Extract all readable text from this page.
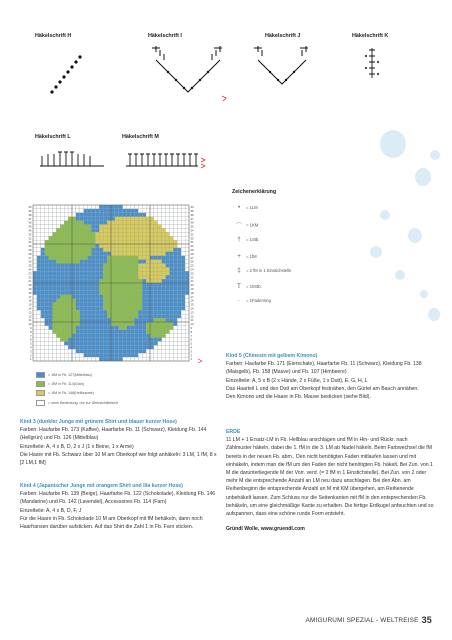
Häkelschrift H	Häkelschrift I	Häkelschrift J	Häkelschrift K
Häkelschrift L	Häkelschrift M
Zeichenerklärung
• = 1LM
⌒ = 1KM
† = 1Stb.
+ = 1fM
‡ = 2 fM in 1 Einstichstelle
T = 1hStb.
· = 1Fadenring
40	40
39	39
38	38
37	37
36	36
35	35
34	34
33	33
32	32
31	31
30	30
29	29
28	28
27	27
26	26
25	25
24	24
23	23
22	22
21	21
20	20
19	19
18	18
17	17
16	16
15	15
14	14
13	13
12	12
11	11
10	10
9	9
8	8
7	7
6	6
5	5
4	4
3	3
2	2
1	1
= 1fM in Fb. 127(Mittelblau)
= 1fM in Fb. 114(Grün)
= 1fM in Fb. 146(Hellbraune)
= ohne Bedeutung, nur zur Übersichtlichkeit

Kind 3 (dunkler Junge mit grünem Shirt und blauer kurzer Hose)

Farben: Haufarbe Fb. 173 (Kaffee), Haarfarbe Fb. 11 (Schwarz), Kleidung Fb. 144 (Hellgrün) und Fb. 126 (Mittelblau)

Einzelteile: A, 4 x B, D, 2 x J (1 x Beine, 1 x Arme)

Die Haare mit Fb. Schwarz über 10 M am Oberkopf wie folgt anhäkeln: 3 LM, 1 fM, 8 x [2 LM,1 fM]

Kind 4 (Japanischer Junge mit orangem Shirt und lila kurzer Hose)

Farben: Haufarbe Fb. 139 (Beige), Haarfarbe Fb. 122 (Schokolade), Kleidung Fb. 146 (Mandarine) und Fb. 142 (Lavendel), Accessoires Fb. 114 (Farn)

Einzelteile: A, 4 x B, D, F, J

Für die Haare in Fb. Schokolade 10 M am Oberkopf mit fM behäkeln, dann noch Haarfransen darüber aufsticken. Auf das Shirt die Zahl 1 in Fb. Farn sticken.

Kind 5 (Chinesin mit gelbem Kimono)

Farben: Haufarbe Fb. 171 (Eierschale), Haarfarbe Fb. 11 (Schwarz), Kleidung Fb. 138 (Maisgelb), Fb. 158 (Mauve) und Fb. 107 (Himbeere)

Einzelteile: A, 5 x B (2 x Hände, 2 x Füße, 1 x Dutt), E, G, H, L

Das Haarteil L und den Dutt am Oberkopf festnähen, den Gürtel am Bauch annähen.

Den Kimono und die Haare in Fb. Mauve besticken (siehe Bild).

ERDE

11 LM + 1 Ersatz-LM in Fb. Hellblau anschlagen und fM in Hin- und Rückr. nach Zählmuster häkeln, dabei die 1. fM in die 3. LM ab Nadel häkeln. Beim Farbwechsel die fM bereits in der neuen Fb. abm.. Den nicht benötigten Faden mitlaufen lassen und mit einhäkeln, indem man die fM um den Faden der nicht benötigten Fb. häkelt. Bei Zun. von 1 M die darunterliegende M der Vorr. verd. (= 2 fM in 1 Einstichstelle). Bei Zun. von 2 oder mehr M die entsprechende Anzahl an LM neu dazu anschlagen. Bei den Abn. am Reihenbeginn die entsprechende Anzahl an M mit KM übergehen, am Reihenende unbehäkelt lassen. Zum Schluss nur die Seitenkanten mit fM in den entsprechenden Fb. behäkeln, um eine gleichmäßige Kante zu erhalten. Die fertige Erdkugel anfeuchten und so aufspannen, dass eine schöne runde Form entsteht.

Gründl Wolle, www.gruendl.com

AMIGURUMI SPEZIAL - WELTREISE 35
